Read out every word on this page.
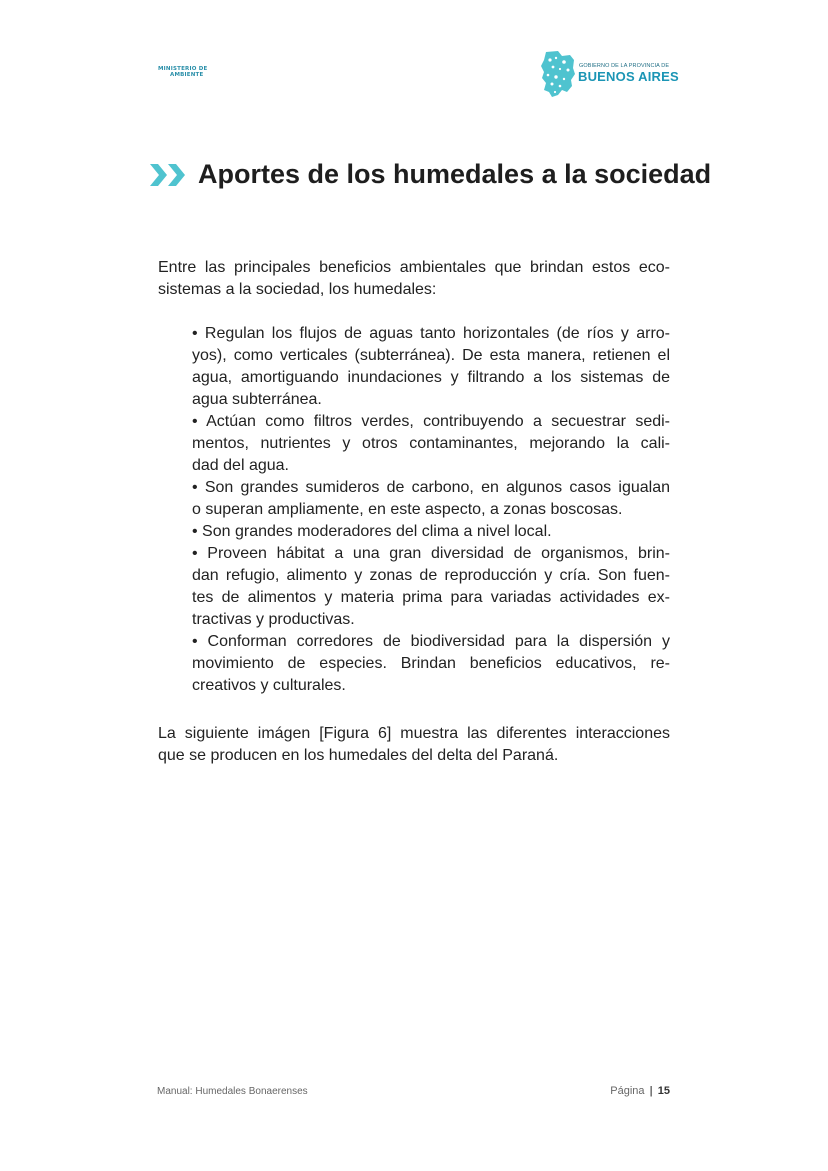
MINISTERIO DE
AMBIENTE
GOBIERNO DE LA PROVINCIA DE
BUENOS AIRES
Aportes de los humedales a la sociedad
Entre las principales beneficios ambientales que brindan estos eco-
sistemas a la sociedad, los humedales:
• Regulan los flujos de aguas tanto horizontales (de ríos y arro-
yos), como verticales (subterránea). De esta manera, retienen el
agua, amortiguando inundaciones y filtrando a los sistemas de
agua subterránea.
• Actúan como filtros verdes, contribuyendo a secuestrar sedi-
mentos, nutrientes y otros contaminantes, mejorando la cali-
dad del agua.
• Son grandes sumideros de carbono, en algunos casos igualan
o superan ampliamente, en este aspecto, a zonas boscosas.
• Son grandes moderadores del clima a nivel local.
• Proveen hábitat a una gran diversidad de organismos, brin-
dan refugio, alimento y zonas de reproducción y cría. Son fuen-
tes de alimentos y materia prima para variadas actividades ex-
tractivas y productivas.
• Conforman corredores de biodiversidad para la dispersión y
movimiento de especies. Brindan beneficios educativos, re-
creativos y culturales.
La siguiente imágen [Figura 6] muestra las diferentes interacciones
que se producen en los humedales del delta del Paraná.
Manual: Humedales Bonaerenses	Página | 15
